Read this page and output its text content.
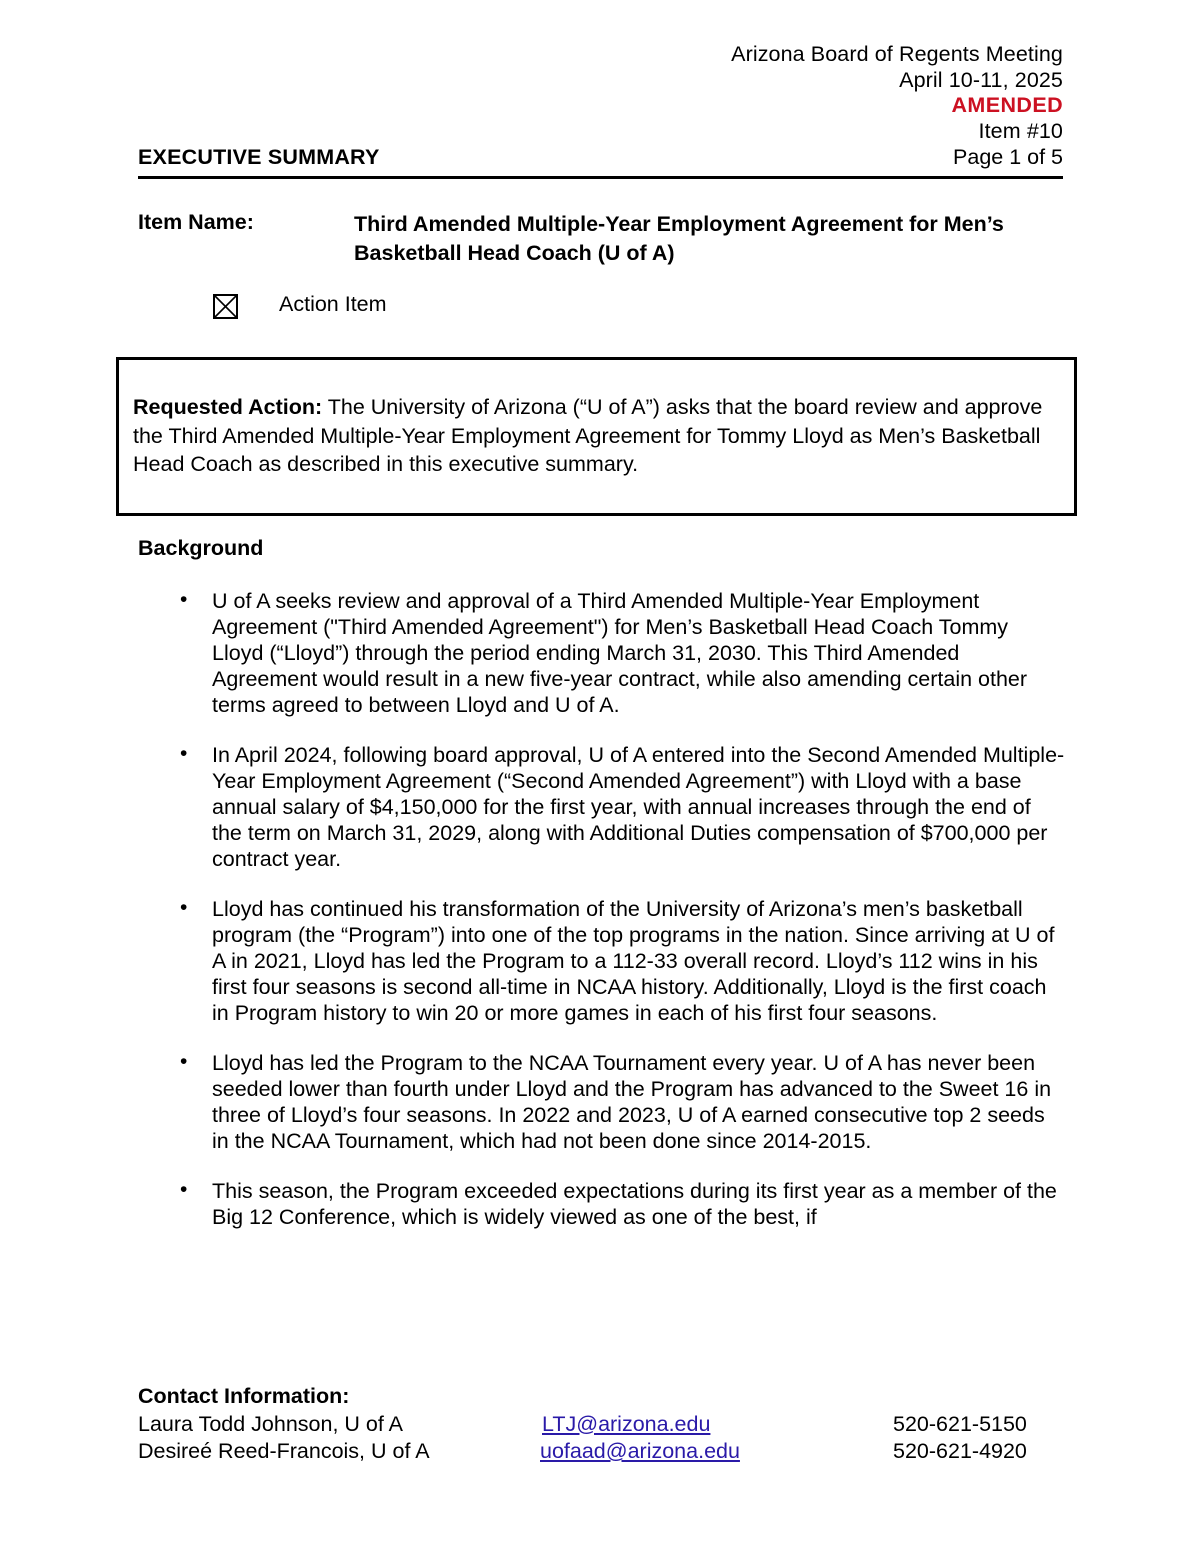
Arizona Board of Regents Meeting
April 10-11, 2025
AMENDED
Item #10
EXECUTIVE SUMMARY	Page 1 of 5
Item Name:	Third Amended Multiple-Year Employment Agreement for Men’s Basketball Head Coach (U of A)
Action Item
Requested Action: The University of Arizona (“U of A”) asks that the board review and approve the Third Amended Multiple-Year Employment Agreement for Tommy Lloyd as Men’s Basketball Head Coach as described in this executive summary.
Background
• U of A seeks review and approval of a Third Amended Multiple-Year Employment Agreement ("Third Amended Agreement") for Men’s Basketball Head Coach Tommy Lloyd (“Lloyd”) through the period ending March 31, 2030. This Third Amended Agreement would result in a new five-year contract, while also amending certain other terms agreed to between Lloyd and U of A.
• In April 2024, following board approval, U of A entered into the Second Amended Multiple-Year Employment Agreement (“Second Amended Agreement”) with Lloyd with a base annual salary of $4,150,000 for the first year, with annual increases through the end of the term on March 31, 2029, along with Additional Duties compensation of $700,000 per contract year.
• Lloyd has continued his transformation of the University of Arizona’s men’s basketball program (the “Program”) into one of the top programs in the nation. Since arriving at U of A in 2021, Lloyd has led the Program to a 112-33 overall record. Lloyd’s 112 wins in his first four seasons is second all-time in NCAA history. Additionally, Lloyd is the first coach in Program history to win 20 or more games in each of his first four seasons.
• Lloyd has led the Program to the NCAA Tournament every year. U of A has never been seeded lower than fourth under Lloyd and the Program has advanced to the Sweet 16 in three of Lloyd’s four seasons. In 2022 and 2023, U of A earned consecutive top 2 seeds in the NCAA Tournament, which had not been done since 2014-2015.
• This season, the Program exceeded expectations during its first year as a member of the Big 12 Conference, which is widely viewed as one of the best, if
Contact Information:
Laura Todd Johnson, U of A	LTJ@arizona.edu	520-621-5150
Desireé Reed-Francois, U of A	uofaad@arizona.edu	520-621-4920
